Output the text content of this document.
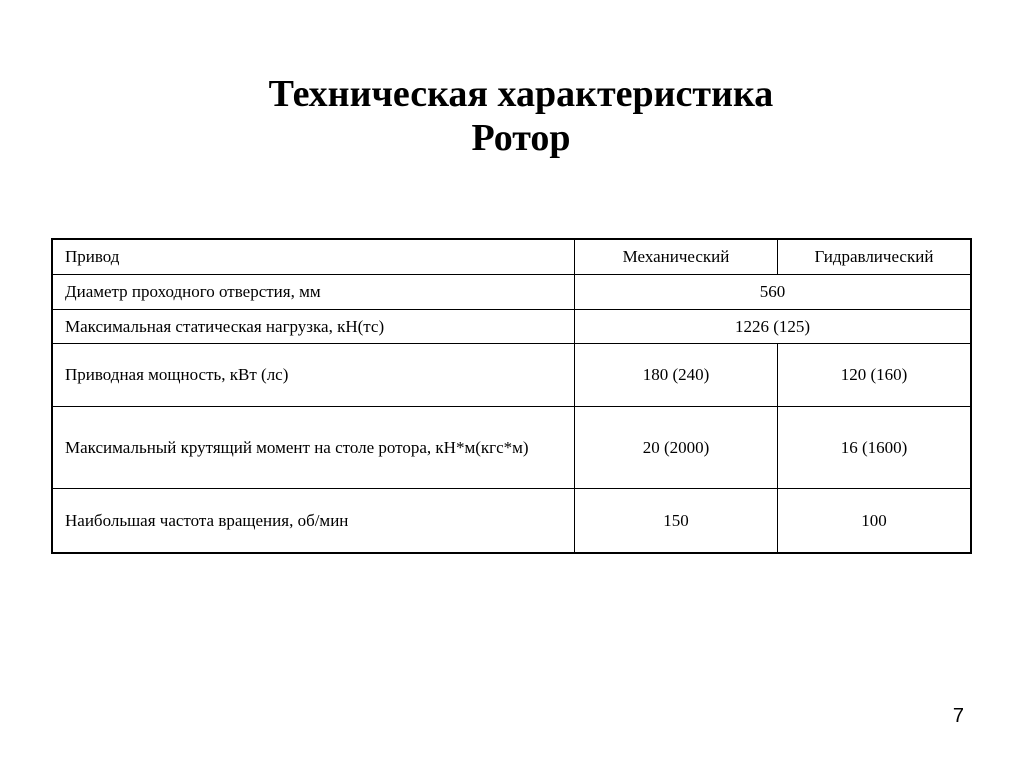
Техническая характеристика
Ротор
Привод	Механический	Гидравлический
Диаметр проходного отверстия, мм	560	
Максимальная статическая нагрузка, кН(тс)	1226 (125)	
Приводная мощность, кВт (лс)	180 (240)	120 (160)
Максимальный крутящий момент на столе ротора, кН*м(кгс*м)	20 (2000)	16 (1600)
Наибольшая частота вращения, об/мин	150	100
7
